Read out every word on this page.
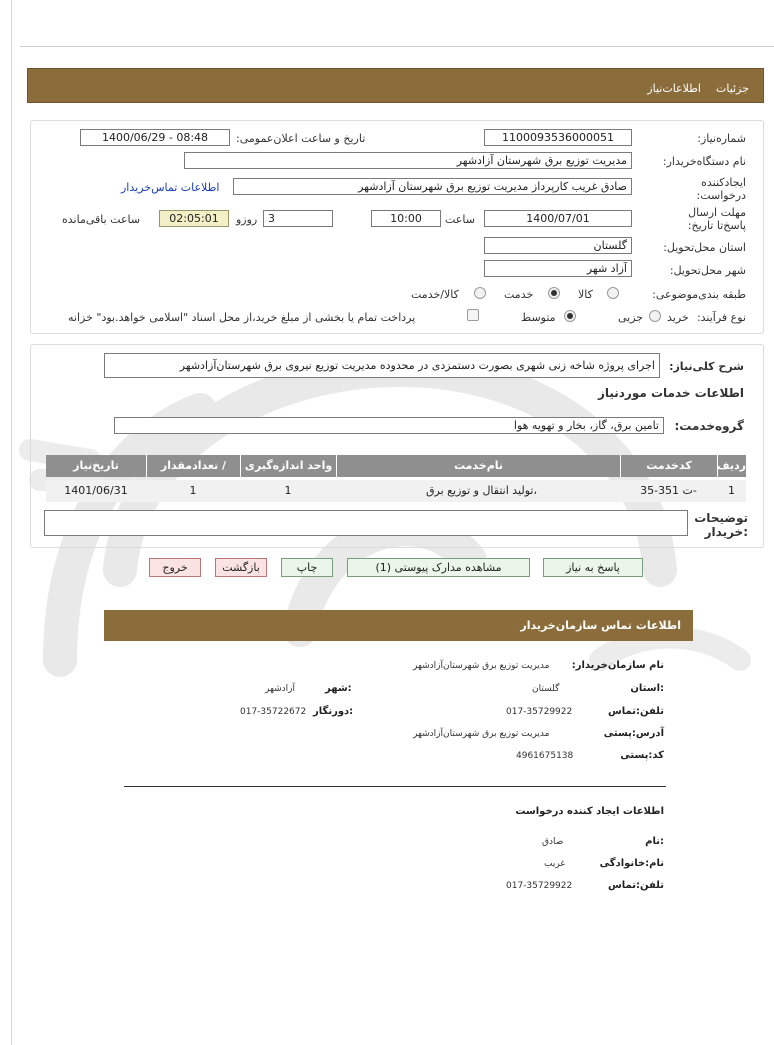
جزئیات
اطلاعات‌نیاز
شماره‌نیاز:
1100093536000051
تاریخ و ساعت اعلان‌عمومی:
1400/06/29 - 08:48
نام دستگاه‌خریدار:
مدیریت توزیع برق شهرستان آزادشهر
ایجادکننده درخواست:
صادق غریب کارپرداز مدیریت توزیع برق شهرستان آزادشهر
اطلاعات تماس‌خریدار
مهلت ارسال پاسخ‌تا تاریخ:
1400/07/01
ساعت
10:00
3
روزو
02:05:01
ساعت باقی‌مانده
استان محل‌تحویل:
گلستان
شهر محل‌تحویل:
آزاد شهر
طبقه بندی‌موضوعی:
کالا
خدمت
کالا/خدمت
نوع فرآیند:
خرید
جزیی
متوسط
پرداخت تمام یا بخشی از مبلغ خرید،از محل اسناد "اسلامی خواهد.بود" خزانه
شرح کلی‌نیاز:
اجرای پروژه شاخه زنی شهری بصورت دستمزدی در محدوده مدیریت توزیع نیروی برق شهرستان‌آزادشهر
اطلاعات خدمات موردنیاز
گروه‌خدمت:
تامین برق، گاز، بخار و تهویه هوا
ردیف
کدخدمت
نام‌خدمت
واحد اندازه‌گیری
/ تعدادمقدار
تاریخ‌نیاز
1
ت 351-35-
،تولید انتقال و توزیع برق
1
1
1401/06/31
توضیحات :خریدار
پاسخ به نیاز
مشاهده مدارک پیوستی (1)
چاپ
بازگشت
خروج
اطلاعات تماس سازمان‌خریدار
نام سازمان‌خریدار:
مدیریت توزیع برق شهرستان‌آزادشهر
:استان
گلستان
:شهر
آزادشهر
تلفن:تماس
017-35729922
:دورنگار
017-35722672
آدرس:پستی
مدیریت توزیع برق شهرستان‌آزادشهر
کد:پستی
4961675138
اطلاعات ایجاد کننده درخواست
:نام
صادق
نام:خانوادگی
غریب
تلفن:تماس
017-35729922
